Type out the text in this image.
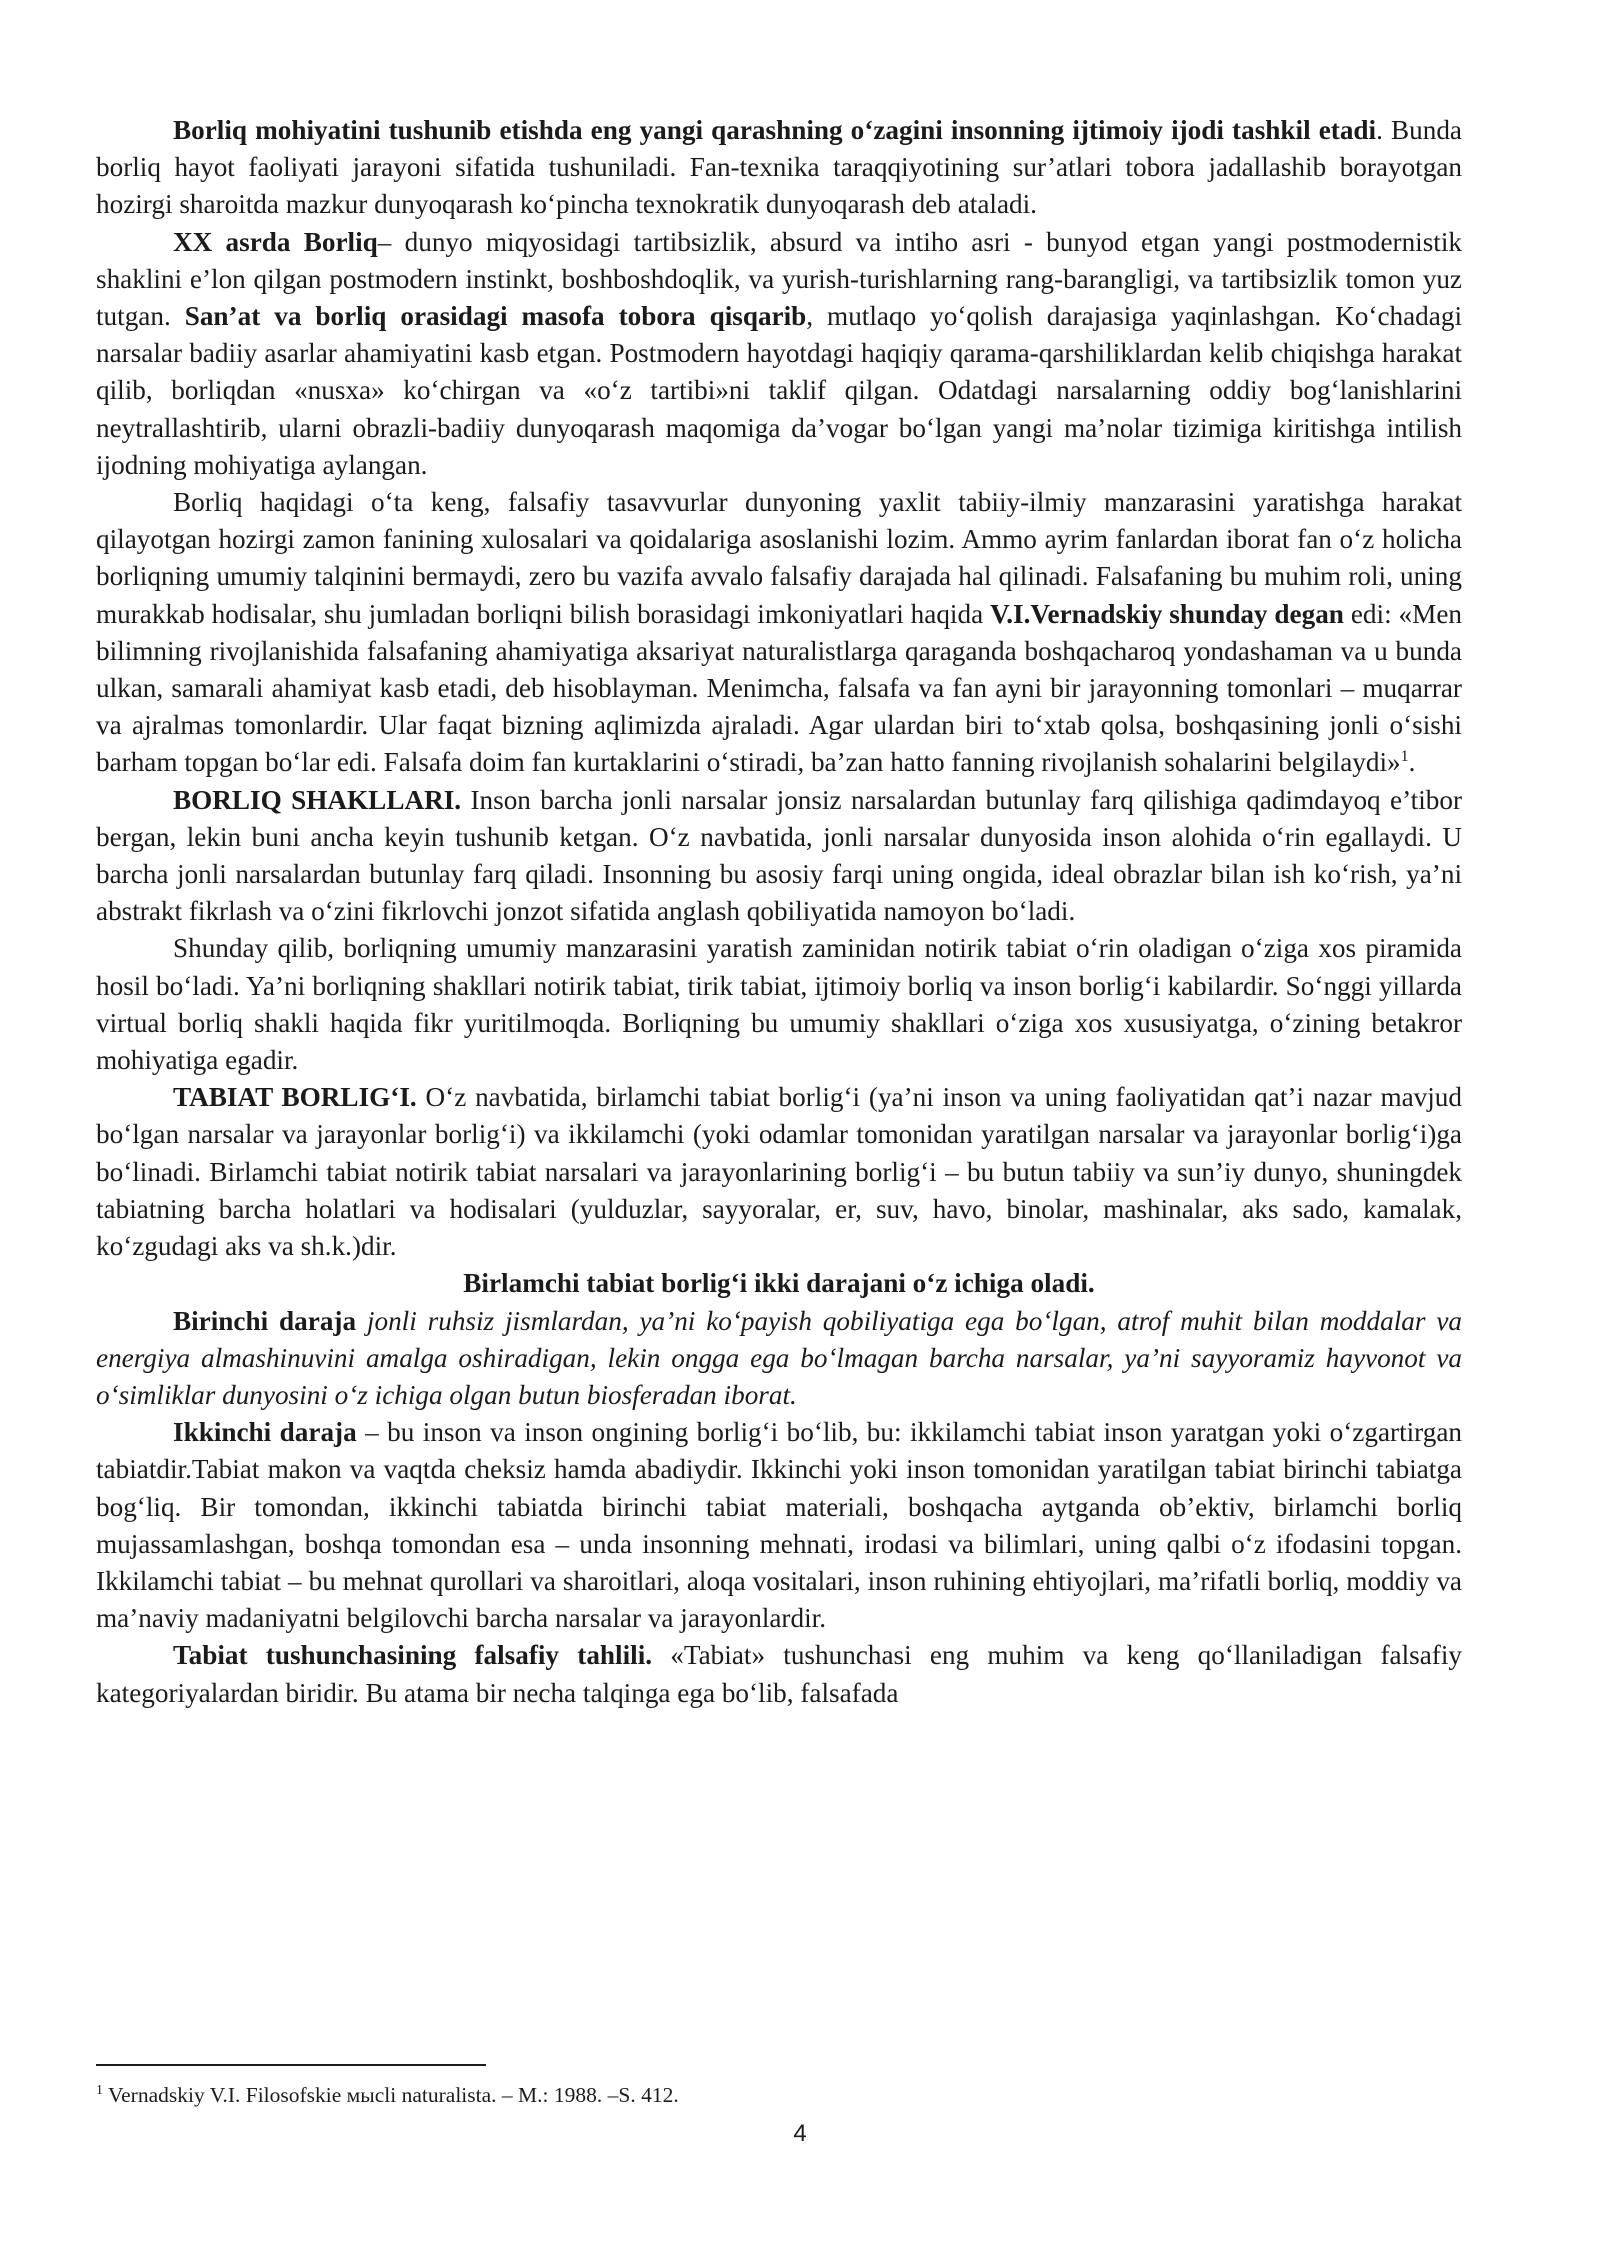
Borliq mohiyatini tushunib etishda eng yangi qarashning o‘zagini insonning ijtimoiy ijodi tashkil etadi. Bunda borliq hayot faoliyati jarayoni sifatida tushuniladi. Fan-texnika taraqqiyotining sur’atlari tobora jadallashib borayotgan hozirgi sharoitda mazkur dunyoqarash ko‘pincha texnokratik dunyoqarash deb ataladi.

XX asrda Borliq– dunyo miqyosidagi tartibsizlik, absurd va intiho asri - bunyod etgan yangi postmodernistik shaklini e’lon qilgan postmodern instinkt, boshboshdoqlik, va yurish-turishlarning rang-barangligi, va tartibsizlik tomon yuz tutgan. San’at va borliq orasidagi masofa tobora qisqarib, mutlaqo yo‘qolish darajasiga yaqinlashgan. Ko‘chadagi narsalar badiiy asarlar ahamiyatini kasb etgan. Postmodern hayotdagi haqiqiy qarama-qarshiliklardan kelib chiqishga harakat qilib, borliqdan «nusxa» ko‘chirgan va «o‘z tartibi»ni taklif qilgan. Odatdagi narsalarning oddiy bog‘lanishlarini neytrallashtirib, ularni obrazli-badiiy dunyoqarash maqomiga da’vogar bo‘lgan yangi ma’nolar tizimiga kiritishga intilish ijodning mohiyatiga aylangan.

Borliq haqidagi o‘ta keng, falsafiy tasavvurlar dunyoning yaxlit tabiiy-ilmiy manzarasini yaratishga harakat qilayotgan hozirgi zamon fanining xulosalari va qoidalariga asoslanishi lozim. Ammo ayrim fanlardan iborat fan o‘z holicha borliqning umumiy talqinini bermaydi, zero bu vazifa avvalo falsafiy darajada hal qilinadi. Falsafaning bu muhim roli, uning murakkab hodisalar, shu jumladan borliqni bilish borasidagi imkoniyatlari haqida V.I.Vernadskiy shunday degan edi: «Men bilimning rivojlanishida falsafaning ahamiyatiga aksariyat naturalistlarga qaraganda boshqacharoq yondashaman va u bunda ulkan, samarali ahamiyat kasb etadi, deb hisoblayman. Menimcha, falsafa va fan ayni bir jarayonning tomonlari – muqarrar va ajralmas tomonlardir. Ular faqat bizning aqlimizda ajraladi. Agar ulardan biri to‘xtab qolsa, boshqasining jonli o‘sishi barham topgan bo‘lar edi. Falsafa doim fan kurtaklarini o‘stiradi, ba’zan hatto fanning rivojlanish sohalarini belgilaydi»$^1$.

BORLIQ SHAKLLARI. Inson barcha jonli narsalar jonsiz narsalardan butunlay farq qilishiga qadimdayoq e’tibor bergan, lekin buni ancha keyin tushunib ketgan. O‘z navbatida, jonli narsalar dunyosida inson alohida o‘rin egallaydi. U barcha jonli narsalardan butunlay farq qiladi. Insonning bu asosiy farqi uning ongida, ideal obrazlar bilan ish ko‘rish, ya’ni abstrakt fikrlash va o‘zini fikrlovchi jonzot sifatida anglash qobiliyatida namoyon bo‘ladi.

Shunday qilib, borliqning umumiy manzarasini yaratish zaminidan notirik tabiat o‘rin oladigan o‘ziga xos piramida hosil bo‘ladi. Ya’ni borliqning shakllari notirik tabiat, tirik tabiat, ijtimoiy borliq va inson borlig‘i kabilardir. So‘nggi yillarda virtual borliq shakli haqida fikr yuritilmoqda. Borliqning bu umumiy shakllari o‘ziga xos xususiyatga, o‘zining betakror mohiyatiga egadir.

TABIAT BORLIG‘I. O‘z navbatida, birlamchi tabiat borlig‘i (ya’ni inson va uning faoliyatidan qat’i nazar mavjud bo‘lgan narsalar va jarayonlar borlig‘i) va ikkilamchi (yoki odamlar tomonidan yaratilgan narsalar va jarayonlar borlig‘i)ga bo‘linadi. Birlamchi tabiat notirik tabiat narsalari va jarayonlarining borlig‘i – bu butun tabiiy va sun’iy dunyo, shuningdek tabiatning barcha holatlari va hodisalari (yulduzlar, sayyoralar, er, suv, havo, binolar, mashinalar, aks sado, kamalak, ko‘zgudagi aks va sh.k.)dir.

Birlamchi tabiat borlig‘i ikki darajani o‘z ichiga oladi.

Birinchi daraja jonli ruhsiz jismlardan, ya’ni ko‘payish qobiliyatiga ega bo‘lgan, atrof muhit bilan moddalar va energiya almashinuvini amalga oshiradigan, lekin ongga ega bo‘lmagan barcha narsalar, ya’ni sayyoramiz hayvonot va o‘simliklar dunyosini o‘z ichiga olgan butun biosferadan iborat.

Ikkinchi daraja – bu inson va inson ongining borlig‘i bo‘lib, bu: ikkilamchi tabiat inson yaratgan yoki o‘zgartirgan tabiatdir.Tabiat makon va vaqtda cheksiz hamda abadiydir. Ikkinchi yoki inson tomonidan yaratilgan tabiat birinchi tabiatga bog‘liq. Bir tomondan, ikkinchi tabiatda birinchi tabiat materiali, boshqacha aytganda ob’ektiv, birlamchi borliq mujassamlashgan, boshqa tomondan esa – unda insonning mehnati, irodasi va bilimlari, uning qalbi o‘z ifodasini topgan. Ikkilamchi tabiat – bu mehnat qurollari va sharoitlari, aloqa vositalari, inson ruhining ehtiyojlari, ma’rifatli borliq, moddiy va ma’naviy madaniyatni belgilovchi barcha narsalar va jarayonlardir.

Tabiat tushunchasining falsafiy tahlili. «Tabiat» tushunchasi eng muhim va keng qo‘llaniladigan falsafiy kategoriyalardan biridir. Bu atama bir necha talqinga ega bo‘lib, falsafada

$^1$ Vernadskiy V.I. Filosofskie мысli naturalista. – M.: 1988. –S. 412.
4
